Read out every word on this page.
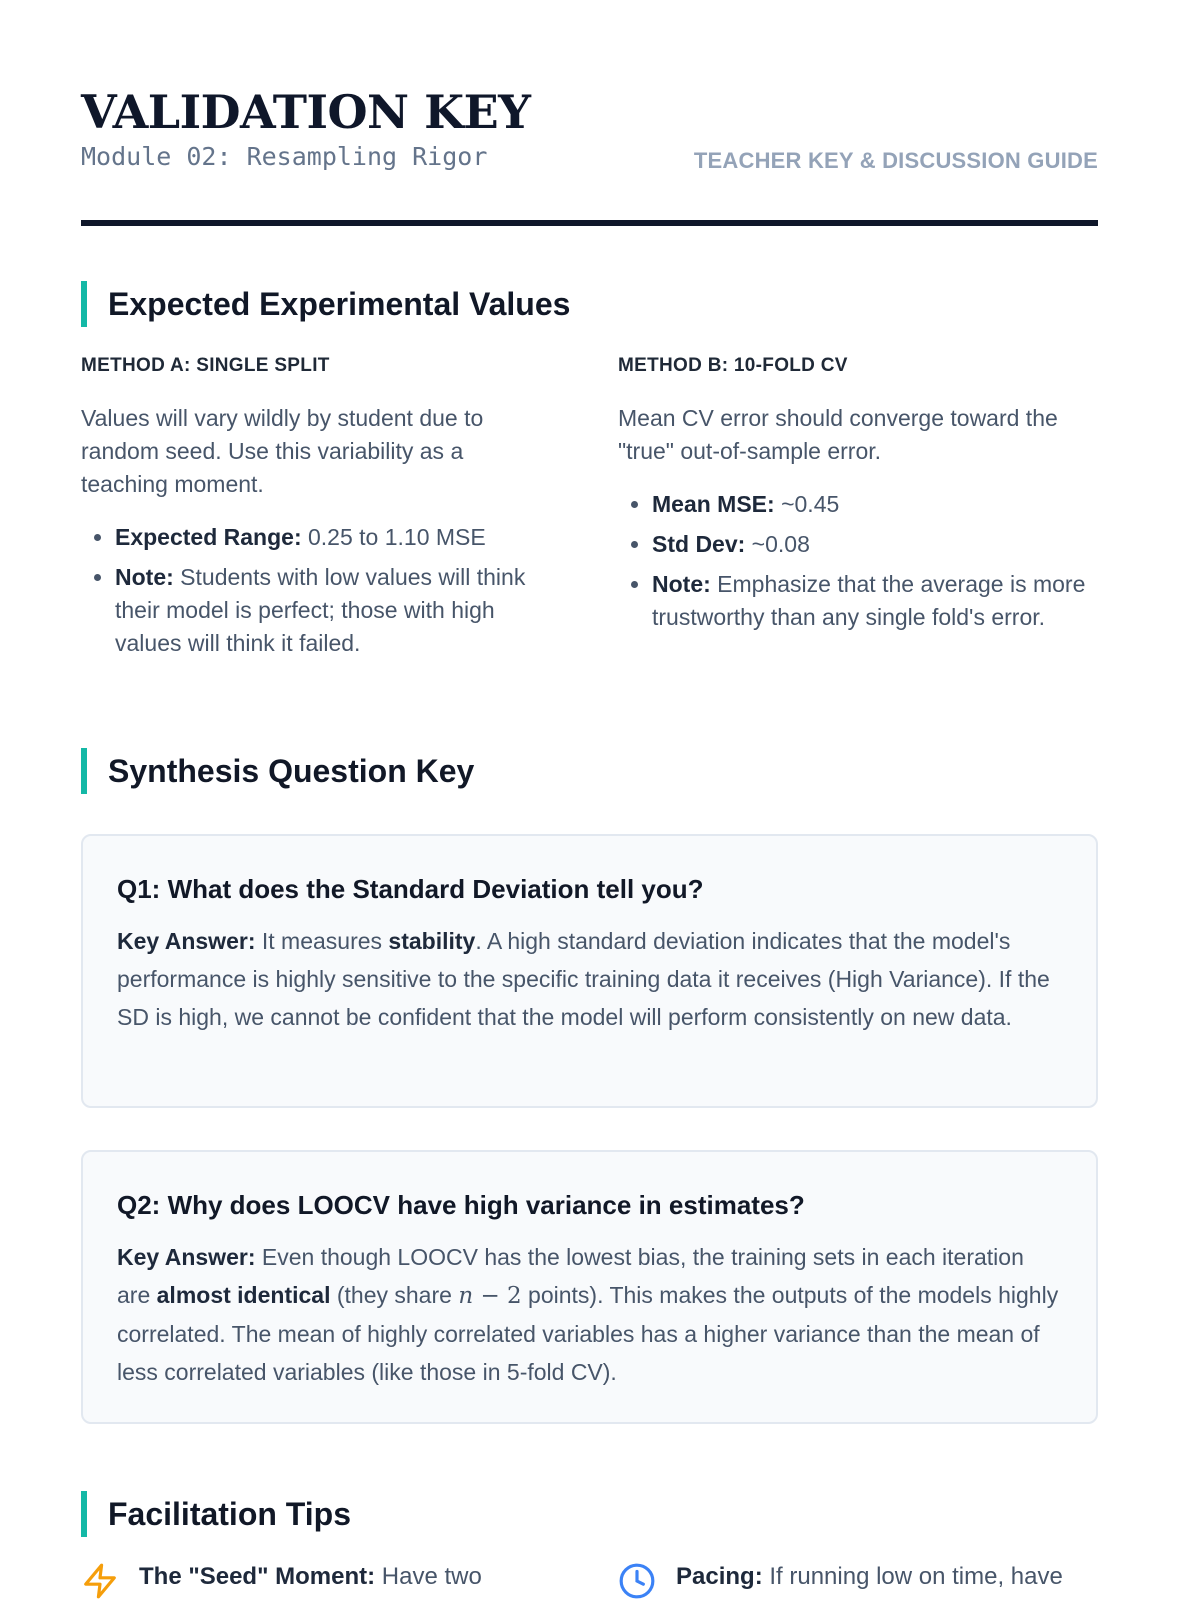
VALIDATION KEY
Module 02: Resampling Rigor	TEACHER KEY & DISCUSSION GUIDE
Expected Experimental Values
METHOD A: SINGLE SPLIT

Values will vary wildly by student due to random seed. Use this variability as a teaching moment.

• Expected Range: 0.25 to 1.10 MSE
• Note: Students with low values will think their model is perfect; those with high values will think it failed.
METHOD B: 10-FOLD CV

Mean CV error should converge toward the "true" out-of-sample error.

• Mean MSE: ~0.45
• Std Dev: ~0.08
• Note: Emphasize that the average is more trustworthy than any single fold's error.
Synthesis Question Key
Q1: What does the Standard Deviation tell you?

Key Answer: It measures stability. A high standard deviation indicates that the model's performance is highly sensitive to the specific training data it receives (High Variance). If the SD is high, we cannot be confident that the model will perform consistently on new data.

Q2: Why does LOOCV have high variance in estimates?

Key Answer: Even though LOOCV has the lowest bias, the training sets in each iteration are almost identical (they share n − 2 points). This makes the outputs of the models highly correlated. The mean of highly correlated variables has a higher variance than the mean of less correlated variables (like those in 5-fold CV).

Facilitation Tips
The "Seed" Moment: Have two	Pacing: If running low on time, have
